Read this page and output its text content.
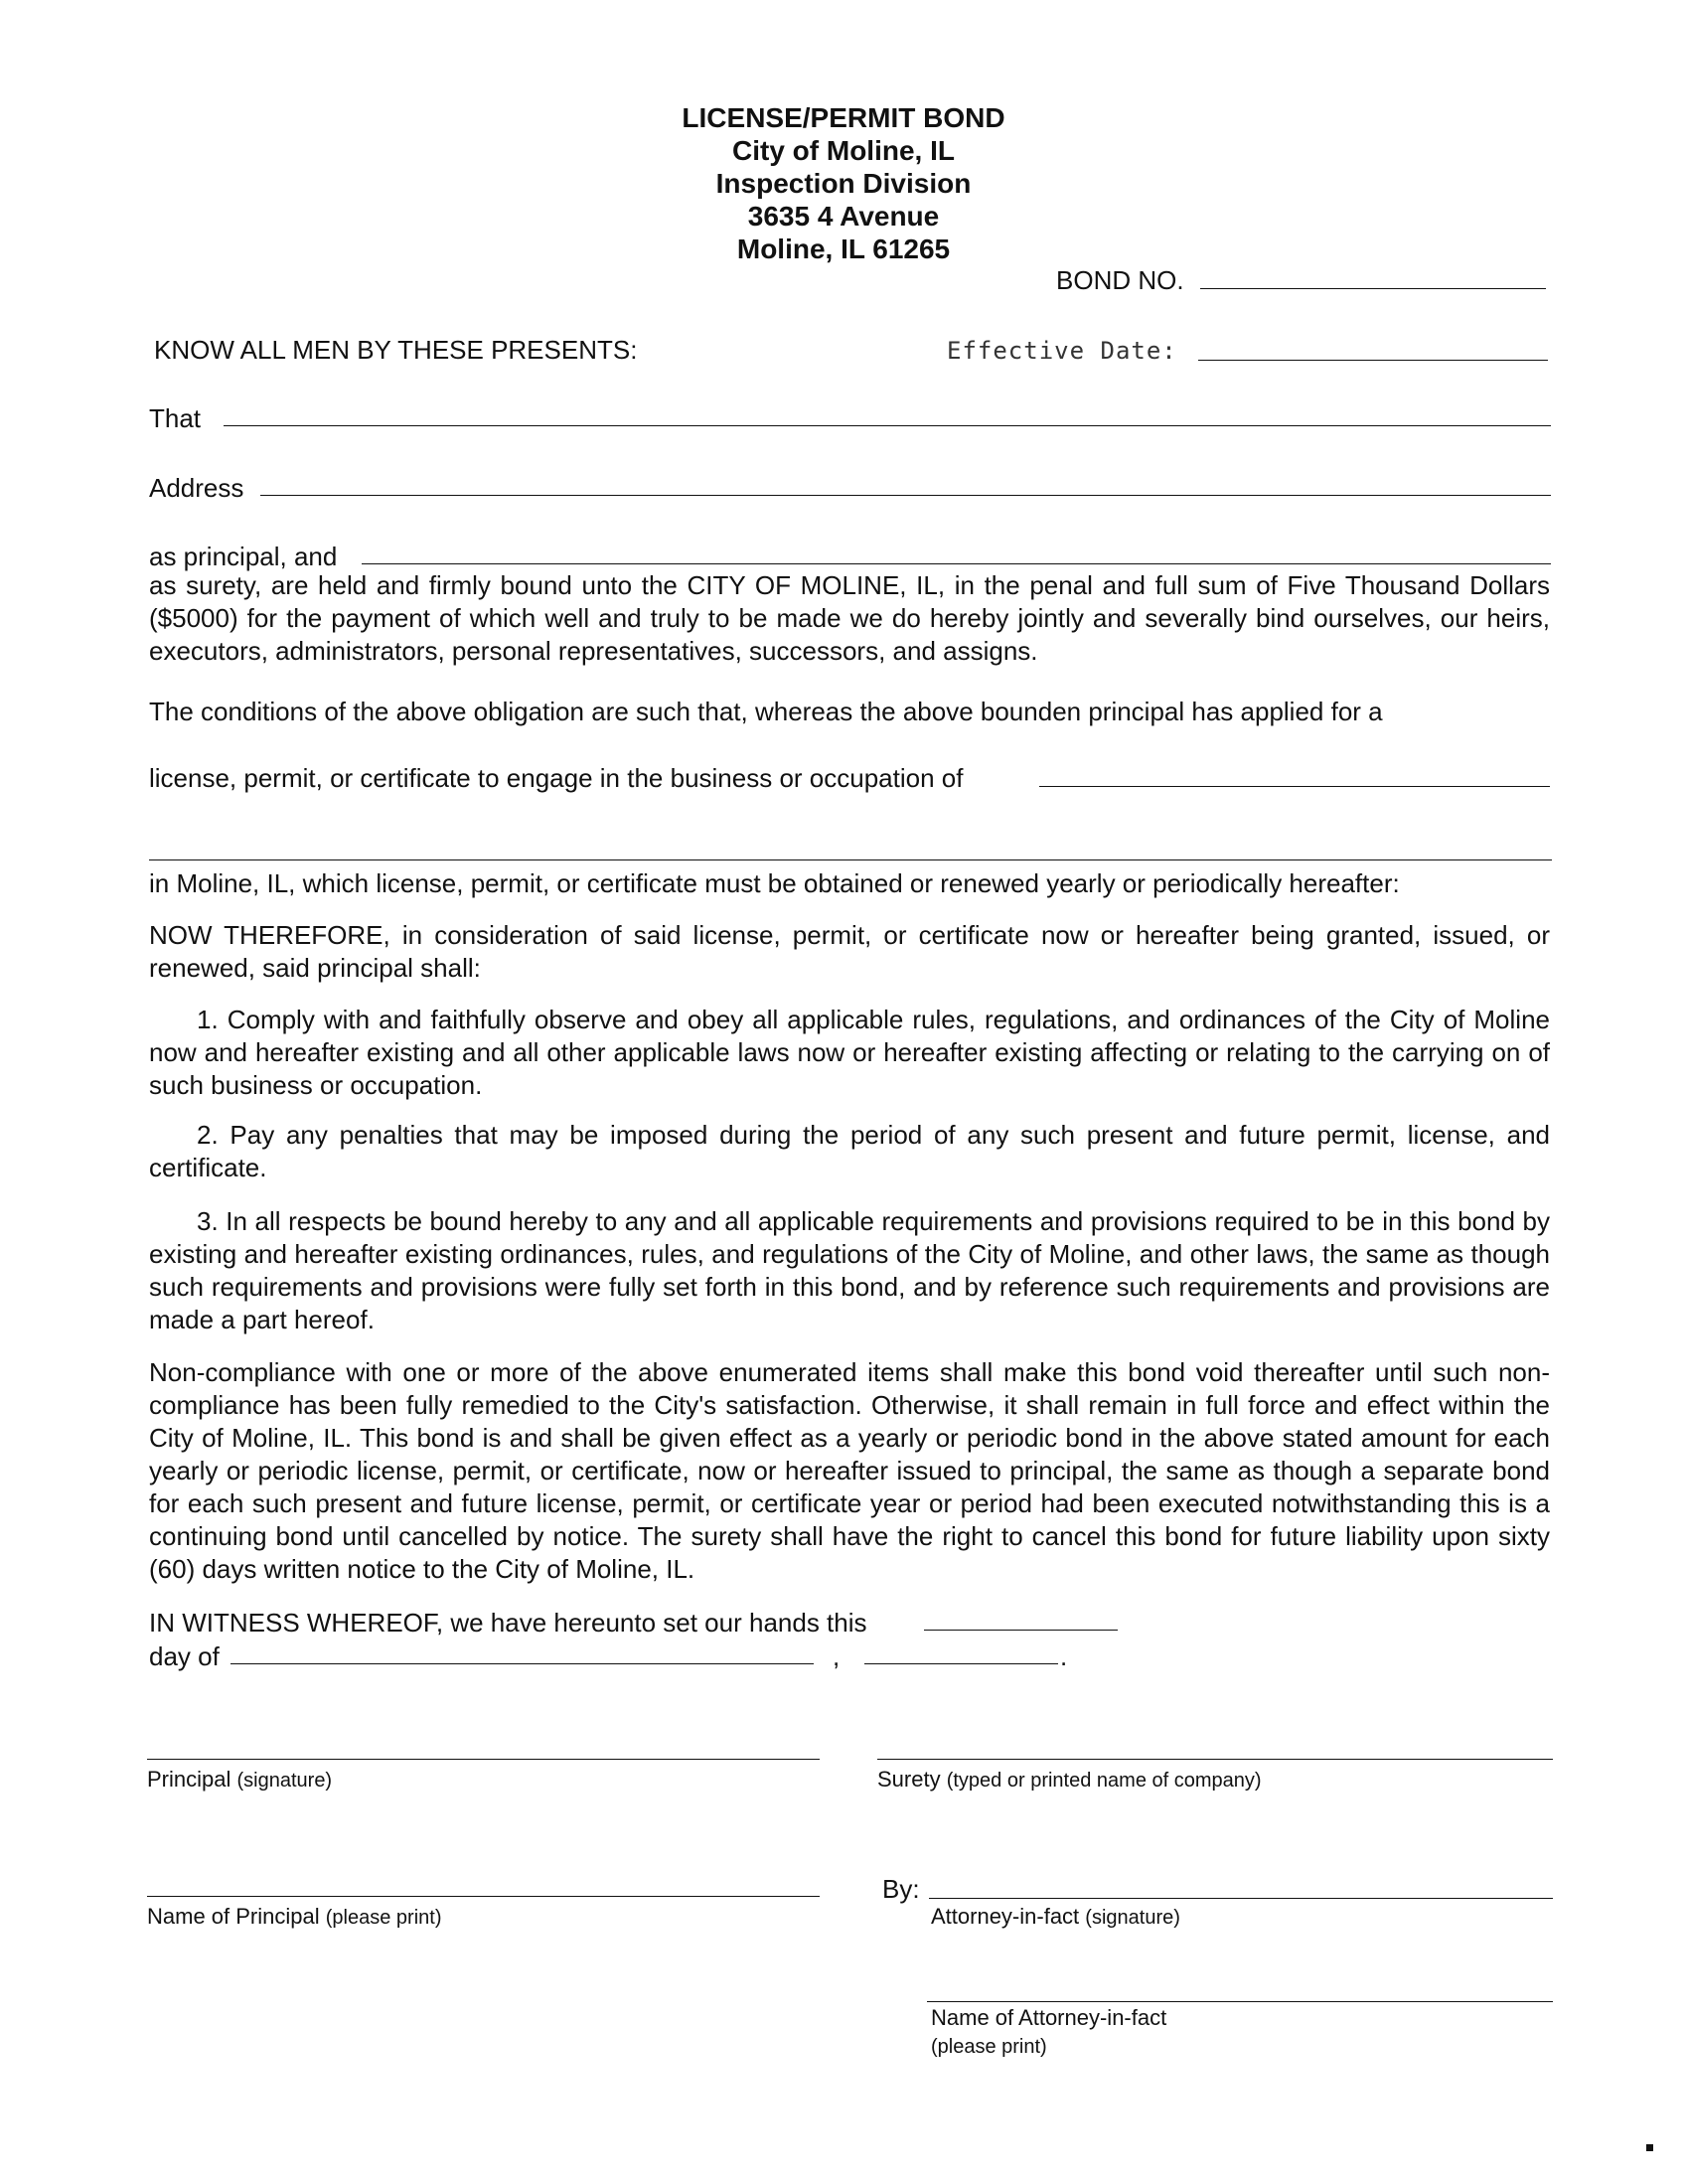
LICENSE/PERMIT BOND
City of Moline, IL
Inspection Division
3635 4 Avenue
Moline, IL 61265
BOND NO.
KNOW ALL MEN BY THESE PRESENTS:	Effective Date:
That
Address
as principal, and
as surety, are held and firmly bound unto the CITY OF MOLINE, IL, in the penal and full sum of Five Thousand Dollars ($5000) for the payment of which well and truly to be made we do hereby jointly and severally bind ourselves, our heirs, executors, administrators, personal representatives, successors, and assigns.
The conditions of the above obligation are such that, whereas the above bounden principal has applied for a
license, permit, or certificate to engage in the business or occupation of
in Moline, IL, which license, permit, or certificate must be obtained or renewed yearly or periodically hereafter:
NOW THEREFORE, in consideration of said license, permit, or certificate now or hereafter being granted, issued, or renewed, said principal shall:
1. Comply with and faithfully observe and obey all applicable rules, regulations, and ordinances of the City of Moline now and hereafter existing and all other applicable laws now or hereafter existing affecting or relating to the carrying on of such business or occupation.
2. Pay any penalties that may be imposed during the period of any such present and future permit, license, and certificate.
3. In all respects be bound hereby to any and all applicable requirements and provisions required to be in this bond by existing and hereafter existing ordinances, rules, and regulations of the City of Moline, and other laws, the same as though such requirements and provisions were fully set forth in this bond, and by reference such requirements and provisions are made a part hereof.
Non-compliance with one or more of the above enumerated items shall make this bond void thereafter until such non-compliance has been fully remedied to the City's satisfaction. Otherwise, it shall remain in full force and effect within the City of Moline, IL. This bond is and shall be given effect as a yearly or periodic bond in the above stated amount for each yearly or periodic license, permit, or certificate, now or hereafter issued to principal, the same as though a separate bond for each such present and future license, permit, or certificate year or period had been executed notwithstanding this is a continuing bond until cancelled by notice. The surety shall have the right to cancel this bond for future liability upon sixty (60) days written notice to the City of Moline, IL.
IN WITNESS WHEREOF, we have hereunto set our hands this
day of	,	.
Principal (signature)	Surety (typed or printed name of company)
Name of Principal (please print)
By:
Attorney-in-fact (signature)
Name of Attorney-in-fact
(please print)
